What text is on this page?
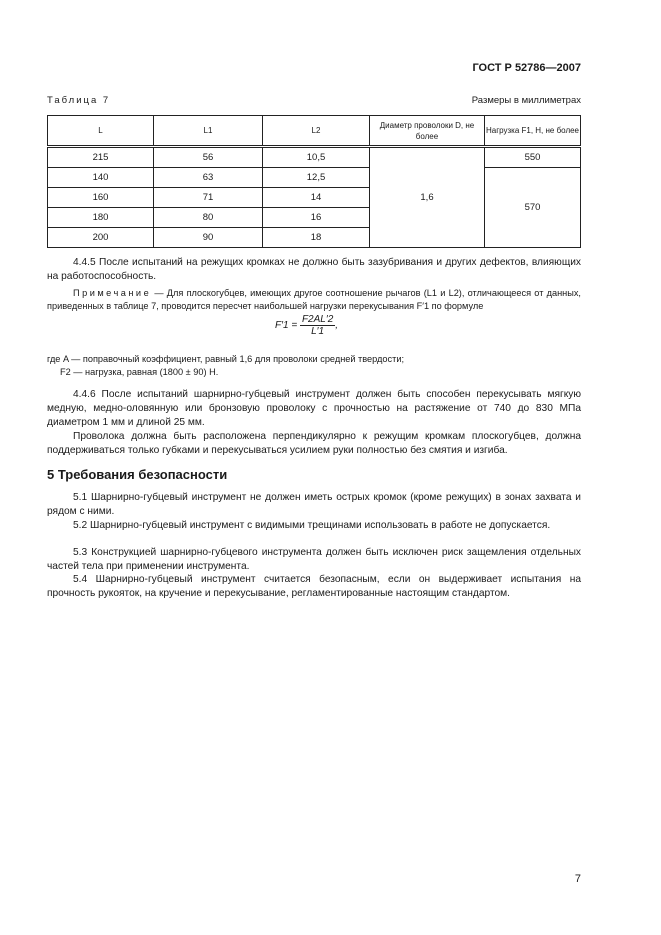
ГОСТ Р 52786—2007
Таблица 7	Размеры в миллиметрах
L	L1	L2	Диаметр проволоки D, не более	Нагрузка F1, Н, не более
215	56	10,5	1,6	550
140	63	12,5		570
160	71	14		
180	80	16		
200	90	18		
4.4.5 После испытаний на режущих кромках не должно быть зазубривания и других дефектов, влияющих на работоспособность.
Примечание — Для плоскогубцев, имеющих другое соотношение рычагов (L1 и L2), отличающееся от данных, приведенных в таблице 7, проводится пересчет наибольшей нагрузки перекусывания F′1 по формуле
$F'1 = \frac{F2AL'2}{L'1}$ ,
где A — поправочный коэффициент, равный 1,6 для проволоки средней твердости;
F2 — нагрузка, равная (1800 ± 90) Н.
4.4.6 После испытаний шарнирно-губцевый инструмент должен быть способен перекусывать мягкую медную, медно-оловянную или бронзовую проволоку с прочностью на растяжение от 740 до 830 МПа диаметром 1 мм и длиной 25 мм.
Проволока должна быть расположена перпендикулярно к режущим кромкам плоскогубцев, должна поддерживаться только губками и перекусываться усилием руки полностью без смятия и изгиба.
5 Требования безопасности
5.1 Шарнирно-губцевый инструмент не должен иметь острых кромок (кроме режущих) в зонах захвата и рядом с ними.
5.2 Шарнирно-губцевый инструмент с видимыми трещинами использовать в работе не допускается.
5.3 Конструкцией шарнирно-губцевого инструмента должен быть исключен риск защемления отдельных частей тела при применении инструмента.
5.4 Шарнирно-губцевый инструмент считается безопасным, если он выдерживает испытания на прочность рукояток, на кручение и перекусывание, регламентированные настоящим стандартом.
7
